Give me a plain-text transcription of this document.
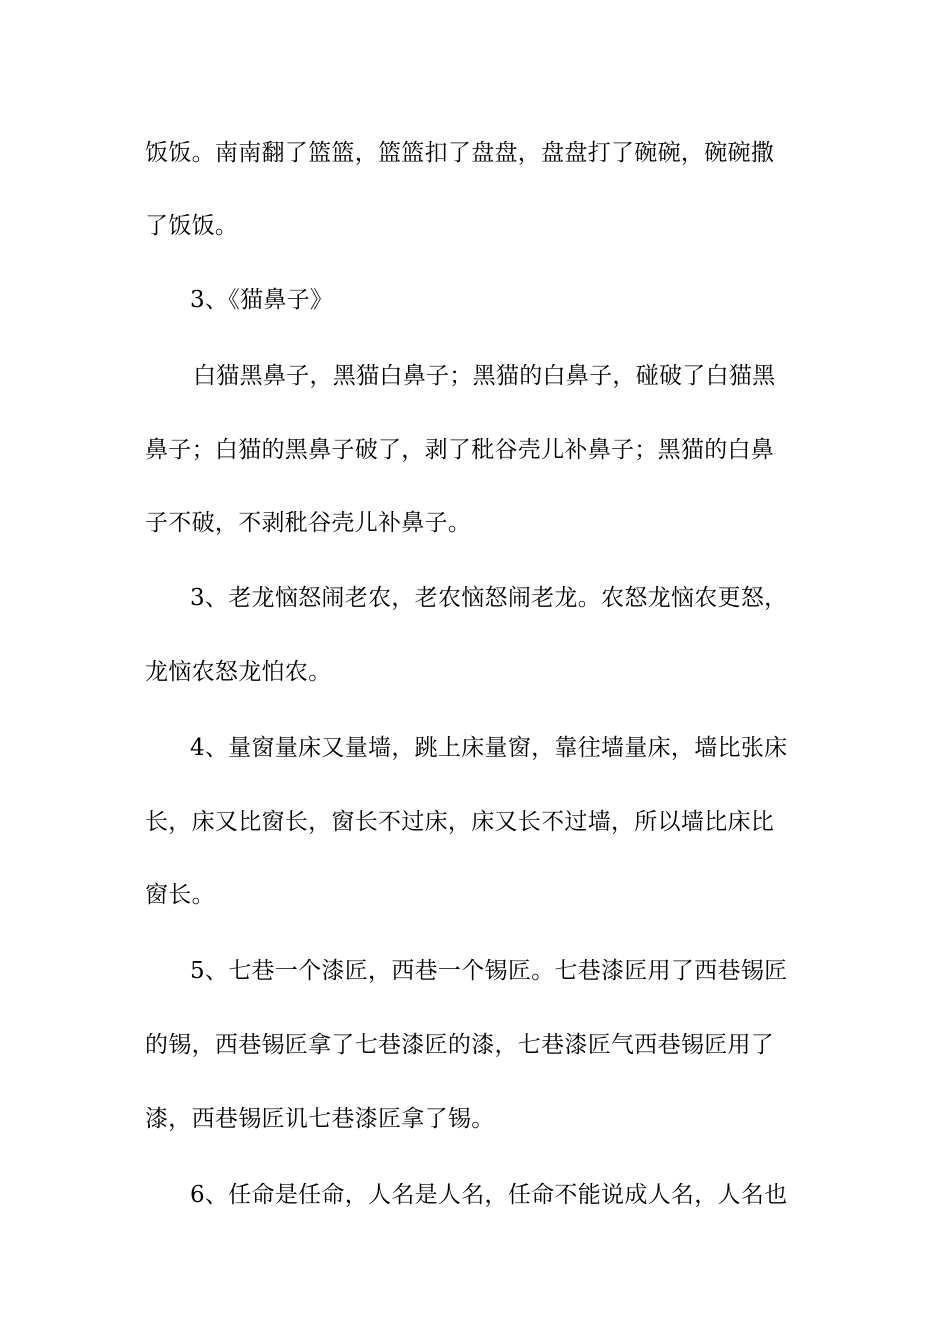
饭饭。南南翻了篮篮，篮篮扣了盘盘，盘盘打了碗碗，碗碗撒
了饭饭。
3、《猫鼻子》
白猫黑鼻子，黑猫白鼻子；黑猫的白鼻子，碰破了白猫黑
鼻子；白猫的黑鼻子破了，剥了秕谷壳儿补鼻子；黑猫的白鼻
子不破，不剥秕谷壳儿补鼻子。
3、老龙恼怒闹老农，老农恼怒闹老龙。农怒龙恼农更怒，
龙恼农怒龙怕农。
4、量窗量床又量墙，跳上床量窗，靠往墙量床，墙比张床
长，床又比窗长，窗长不过床，床又长不过墙，所以墙比床比
窗长。
5、七巷一个漆匠，西巷一个锡匠。七巷漆匠用了西巷锡匠
的锡，西巷锡匠拿了七巷漆匠的漆，七巷漆匠气西巷锡匠用了
漆，西巷锡匠讥七巷漆匠拿了锡。
6、任命是任命，人名是人名，任命不能说成人名，人名也
